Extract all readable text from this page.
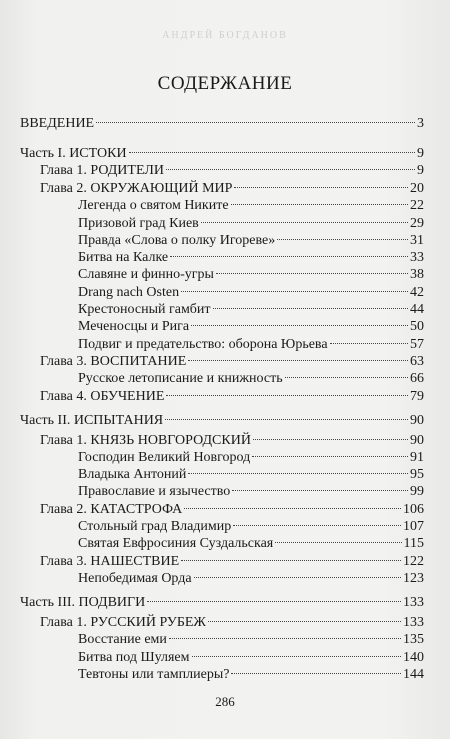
АНДРЕЙ БОГДАНОВ
СОДЕРЖАНИЕ
ВВЕДЕНИЕ	3
Часть I. ИСТОКИ	9
Глава 1. РОДИТЕЛИ	9
Глава 2. ОКРУЖАЮЩИЙ МИР	20
Легенда о святом Никите	22
Призовой град Киев	29
Правда «Слова о полку Игореве»	31
Битва на Калке	33
Славяне и финно-угры	38
Drang nach Osten	42
Крестоносный гамбит	44
Меченосцы и Рига	50
Подвиг и предательство: оборона Юрьева	57
Глава 3. ВОСПИТАНИЕ	63
Русское летописание и книжность	66
Глава 4. ОБУЧЕНИЕ	79
Часть II. ИСПЫТАНИЯ	90
Глава 1. КНЯЗЬ НОВГОРОДСКИЙ	90
Господин Великий Новгород	91
Владыка Антоний	95
Православие и язычество	99
Глава 2. КАТАСТРОФА	106
Стольный град Владимир	107
Святая Евфросиния Суздальская	115
Глава 3. НАШЕСТВИЕ	122
Непобедимая Орда	123
Часть III. ПОДВИГИ	133
Глава 1. РУССКИЙ РУБЕЖ	133
Восстание еми	135
Битва под Шуляем	140
Тевтоны или тамплиеры?	144
286
